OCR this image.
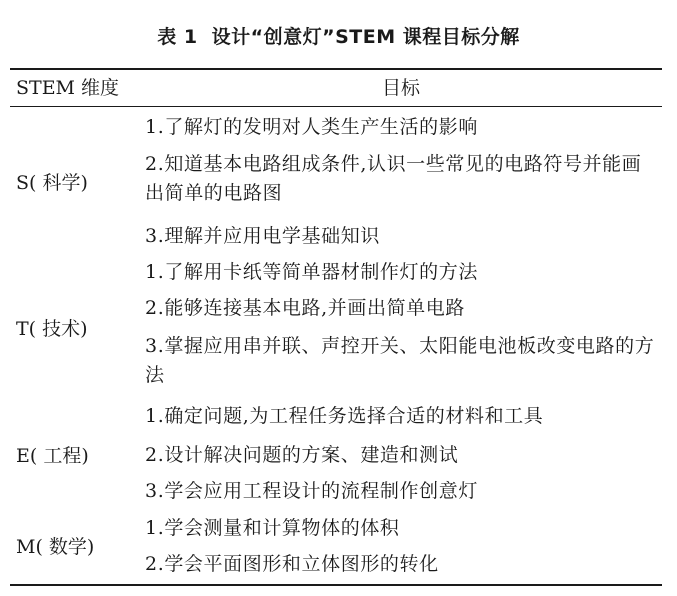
表 1 设计“创意灯”STEM 课程目标分解
STEM 维度	目标
S( 科学)
1.了解灯的发明对人类生产生活的影响
2.知道基本电路组成条件,认识一些常见的电路符号并能画出简单的电路图
3.理解并应用电学基础知识
T( 技术)
1.了解用卡纸等简单器材制作灯的方法
2.能够连接基本电路,并画出简单电路
3.掌握应用串并联、声控开关、太阳能电池板改变电路的方法
E( 工程)
1.确定问题,为工程任务选择合适的材料和工具
2.设计解决问题的方案、建造和测试
3.学会应用工程设计的流程制作创意灯
M( 数学)
1.学会测量和计算物体的体积
2.学会平面图形和立体图形的转化
